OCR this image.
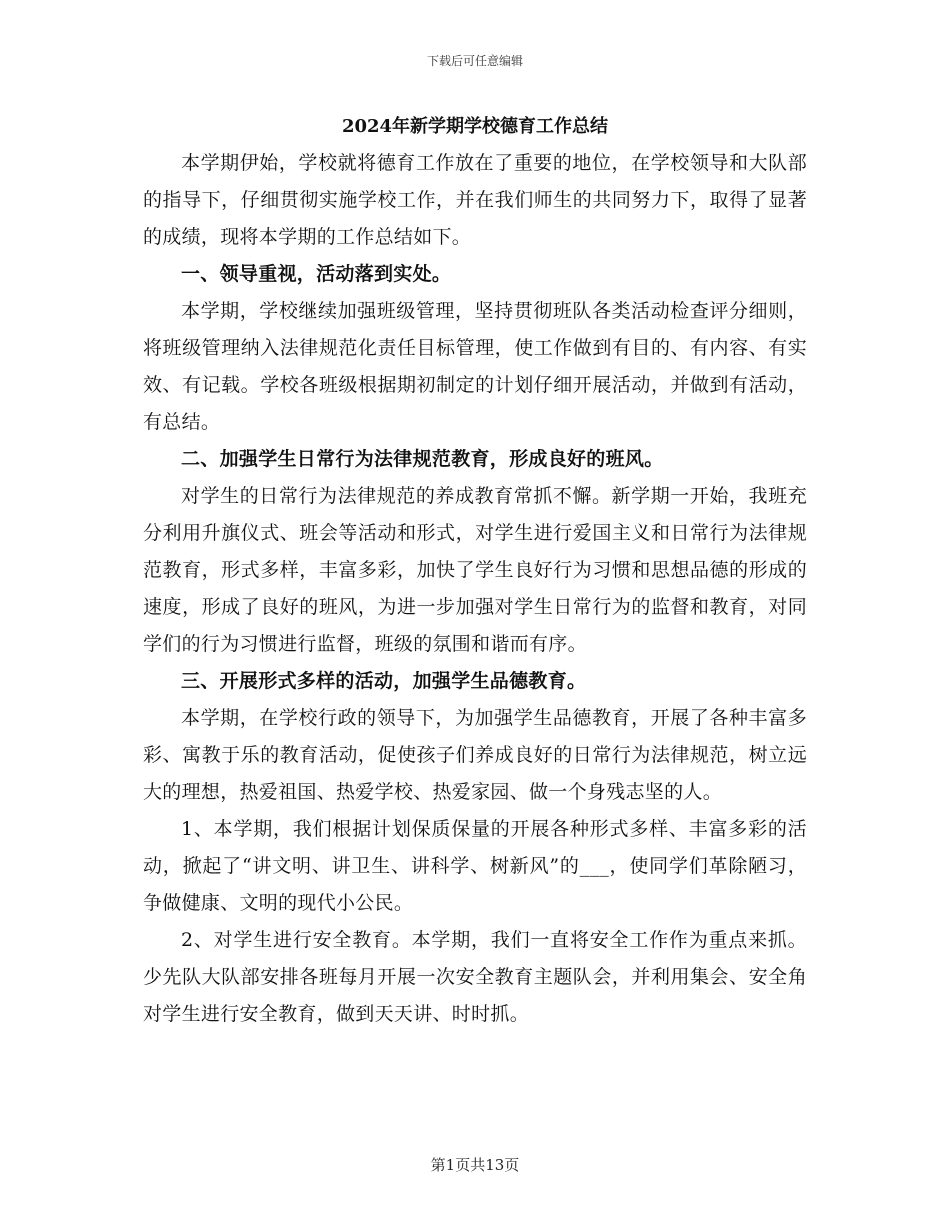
下载后可任意编辑
2024年新学期学校德育工作总结

本学期伊始，学校就将德育工作放在了重要的地位，在学校领导和大队部的指导下，仔细贯彻实施学校工作，并在我们师生的共同努力下，取得了显著的成绩，现将本学期的工作总结如下。

一、领导重视，活动落到实处。

本学期，学校继续加强班级管理，坚持贯彻班队各类活动检查评分细则，将班级管理纳入法律规范化责任目标管理，使工作做到有目的、有内容、有实效、有记载。学校各班级根据期初制定的计划仔细开展活动，并做到有活动，有总结。

二、加强学生日常行为法律规范教育，形成良好的班风。

对学生的日常行为法律规范的养成教育常抓不懈。新学期一开始，我班充分利用升旗仪式、班会等活动和形式，对学生进行爱国主义和日常行为法律规范教育，形式多样，丰富多彩，加快了学生良好行为习惯和思想品德的形成的速度，形成了良好的班风，为进一步加强对学生日常行为的监督和教育，对同学们的行为习惯进行监督，班级的氛围和谐而有序。

三、开展形式多样的活动，加强学生品德教育。

本学期，在学校行政的领导下，为加强学生品德教育，开展了各种丰富多彩、寓教于乐的教育活动，促使孩子们养成良好的日常行为法律规范，树立远大的理想，热爱祖国、热爱学校、热爱家园、做一个身残志坚的人。

1、本学期，我们根据计划保质保量的开展各种形式多样、丰富多彩的活动，掀起了“讲文明、讲卫生、讲科学、树新风”的___，使同学们革除陋习，争做健康、文明的现代小公民。

2、对学生进行安全教育。本学期，我们一直将安全工作作为重点来抓。少先队大队部安排各班每月开展一次安全教育主题队会，并利用集会、安全角对学生进行安全教育，做到天天讲、时时抓。

第1页共13页
